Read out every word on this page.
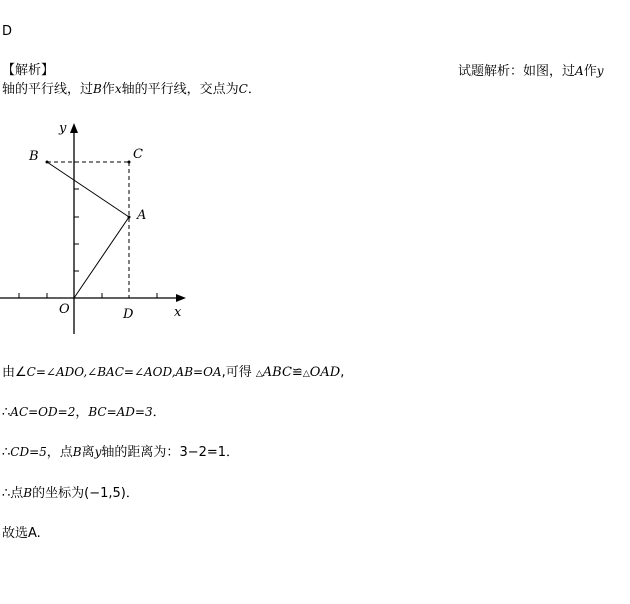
D
【解析】	试题解析：如图，过A作y
轴的平行线，过B作x轴的平行线，交点为C．
y
x
B	C
A
O	D
由∠C=∠ADO,∠BAC=∠AOD,AB=OA,可得 △ABC≌△OAD,
∴AC=OD=2，BC=AD=3．
∴CD=5，点B离y轴的距离为：3−2=1．
∴点B的坐标为(−1,5)．
故选A.
